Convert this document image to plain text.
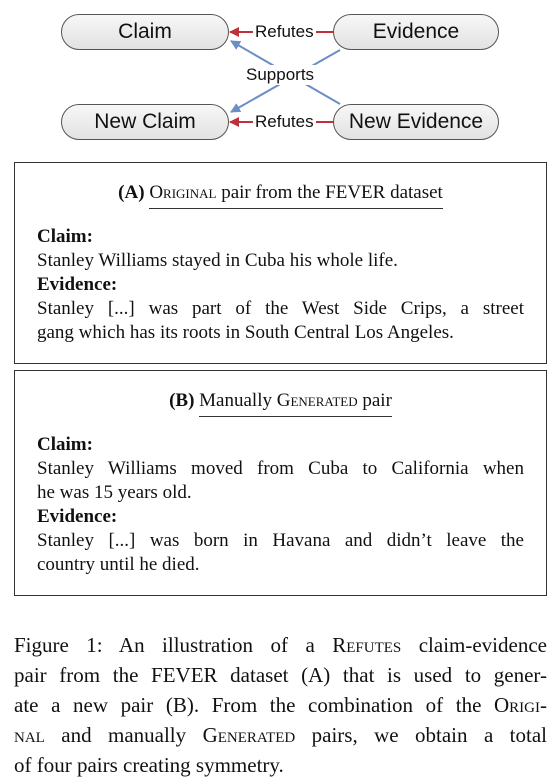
Claim	Evidence
New Claim	New Evidence
Refutes
Refutes
Supports
(A) Original pair from the FEVER dataset
Claim:
Stanley Williams stayed in Cuba his whole life.
Evidence:
Stanley [...] was part of the West Side Crips, a street
gang which has its roots in South Central Los Angeles.
(B) Manually Generated pair
Claim:
Stanley Williams moved from Cuba to California when
he was 15 years old.
Evidence:
Stanley [...] was born in Havana and didn’t leave the
country until he died.
Figure 1: An illustration of a Refutes claim-evidence
pair from the FEVER dataset (A) that is used to gener-
ate a new pair (B). From the combination of the Origi-
nal and manually Generated pairs, we obtain a total
of four pairs creating symmetry.
